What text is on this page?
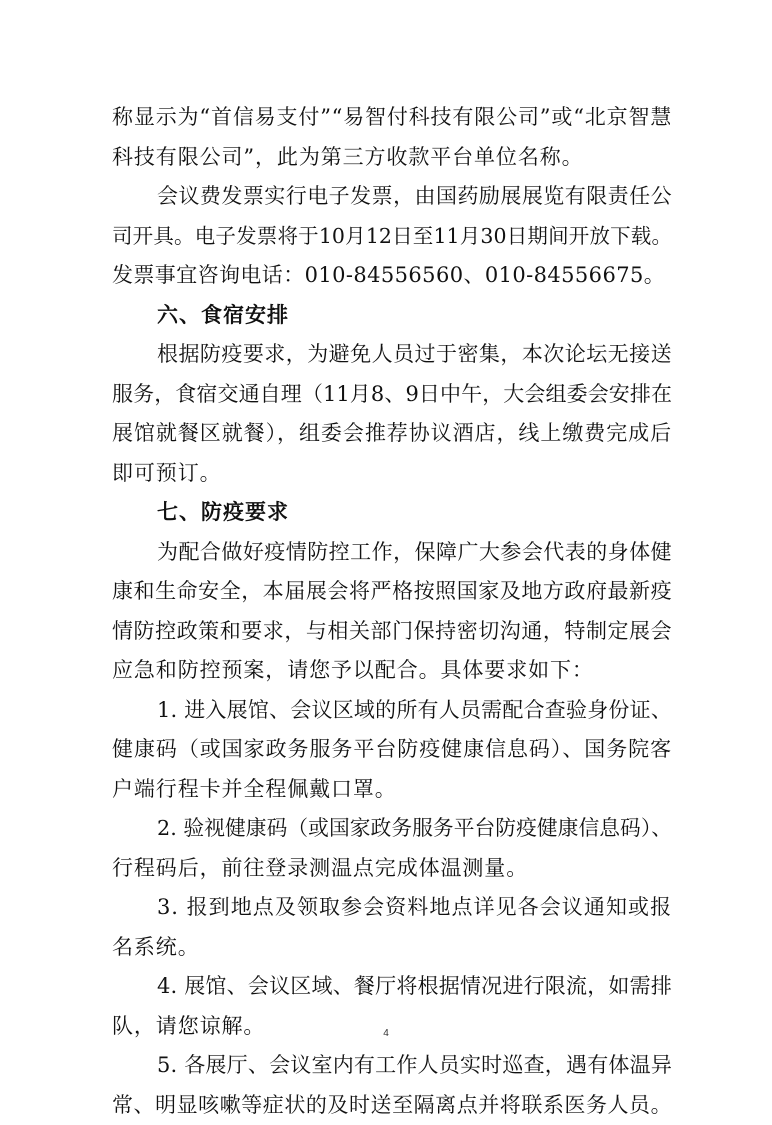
称显示为“首信易支付”“易智付科技有限公司”或“北京智慧
科技有限公司”，此为第三方收款平台单位名称。
会议费发票实行电子发票，由国药励展展览有限责任公
司开具。电子发票将于10月12日至11月30日期间开放下载。
发票事宜咨询电话：010-84556560、010-84556675。
六、食宿安排
根据防疫要求，为避免人员过于密集，本次论坛无接送
服务，食宿交通自理（11月8、9日中午，大会组委会安排在
展馆就餐区就餐），组委会推荐协议酒店，线上缴费完成后
即可预订。
七、防疫要求
为配合做好疫情防控工作，保障广大参会代表的身体健
康和生命安全，本届展会将严格按照国家及地方政府最新疫
情防控政策和要求，与相关部门保持密切沟通，特制定展会
应急和防控预案，请您予以配合。具体要求如下：
1. 进入展馆、会议区域的所有人员需配合查验身份证、
健康码（或国家政务服务平台防疫健康信息码）、国务院客
户端行程卡并全程佩戴口罩。
2. 验视健康码（或国家政务服务平台防疫健康信息码）、
行程码后，前往登录测温点完成体温测量。
3. 报到地点及领取参会资料地点详见各会议通知或报
名系统。
4. 展馆、会议区域、餐厅将根据情况进行限流，如需排
队，请您谅解。
5. 各展厅、会议室内有工作人员实时巡查，遇有体温异
常、明显咳嗽等症状的及时送至隔离点并将联系医务人员。
4
